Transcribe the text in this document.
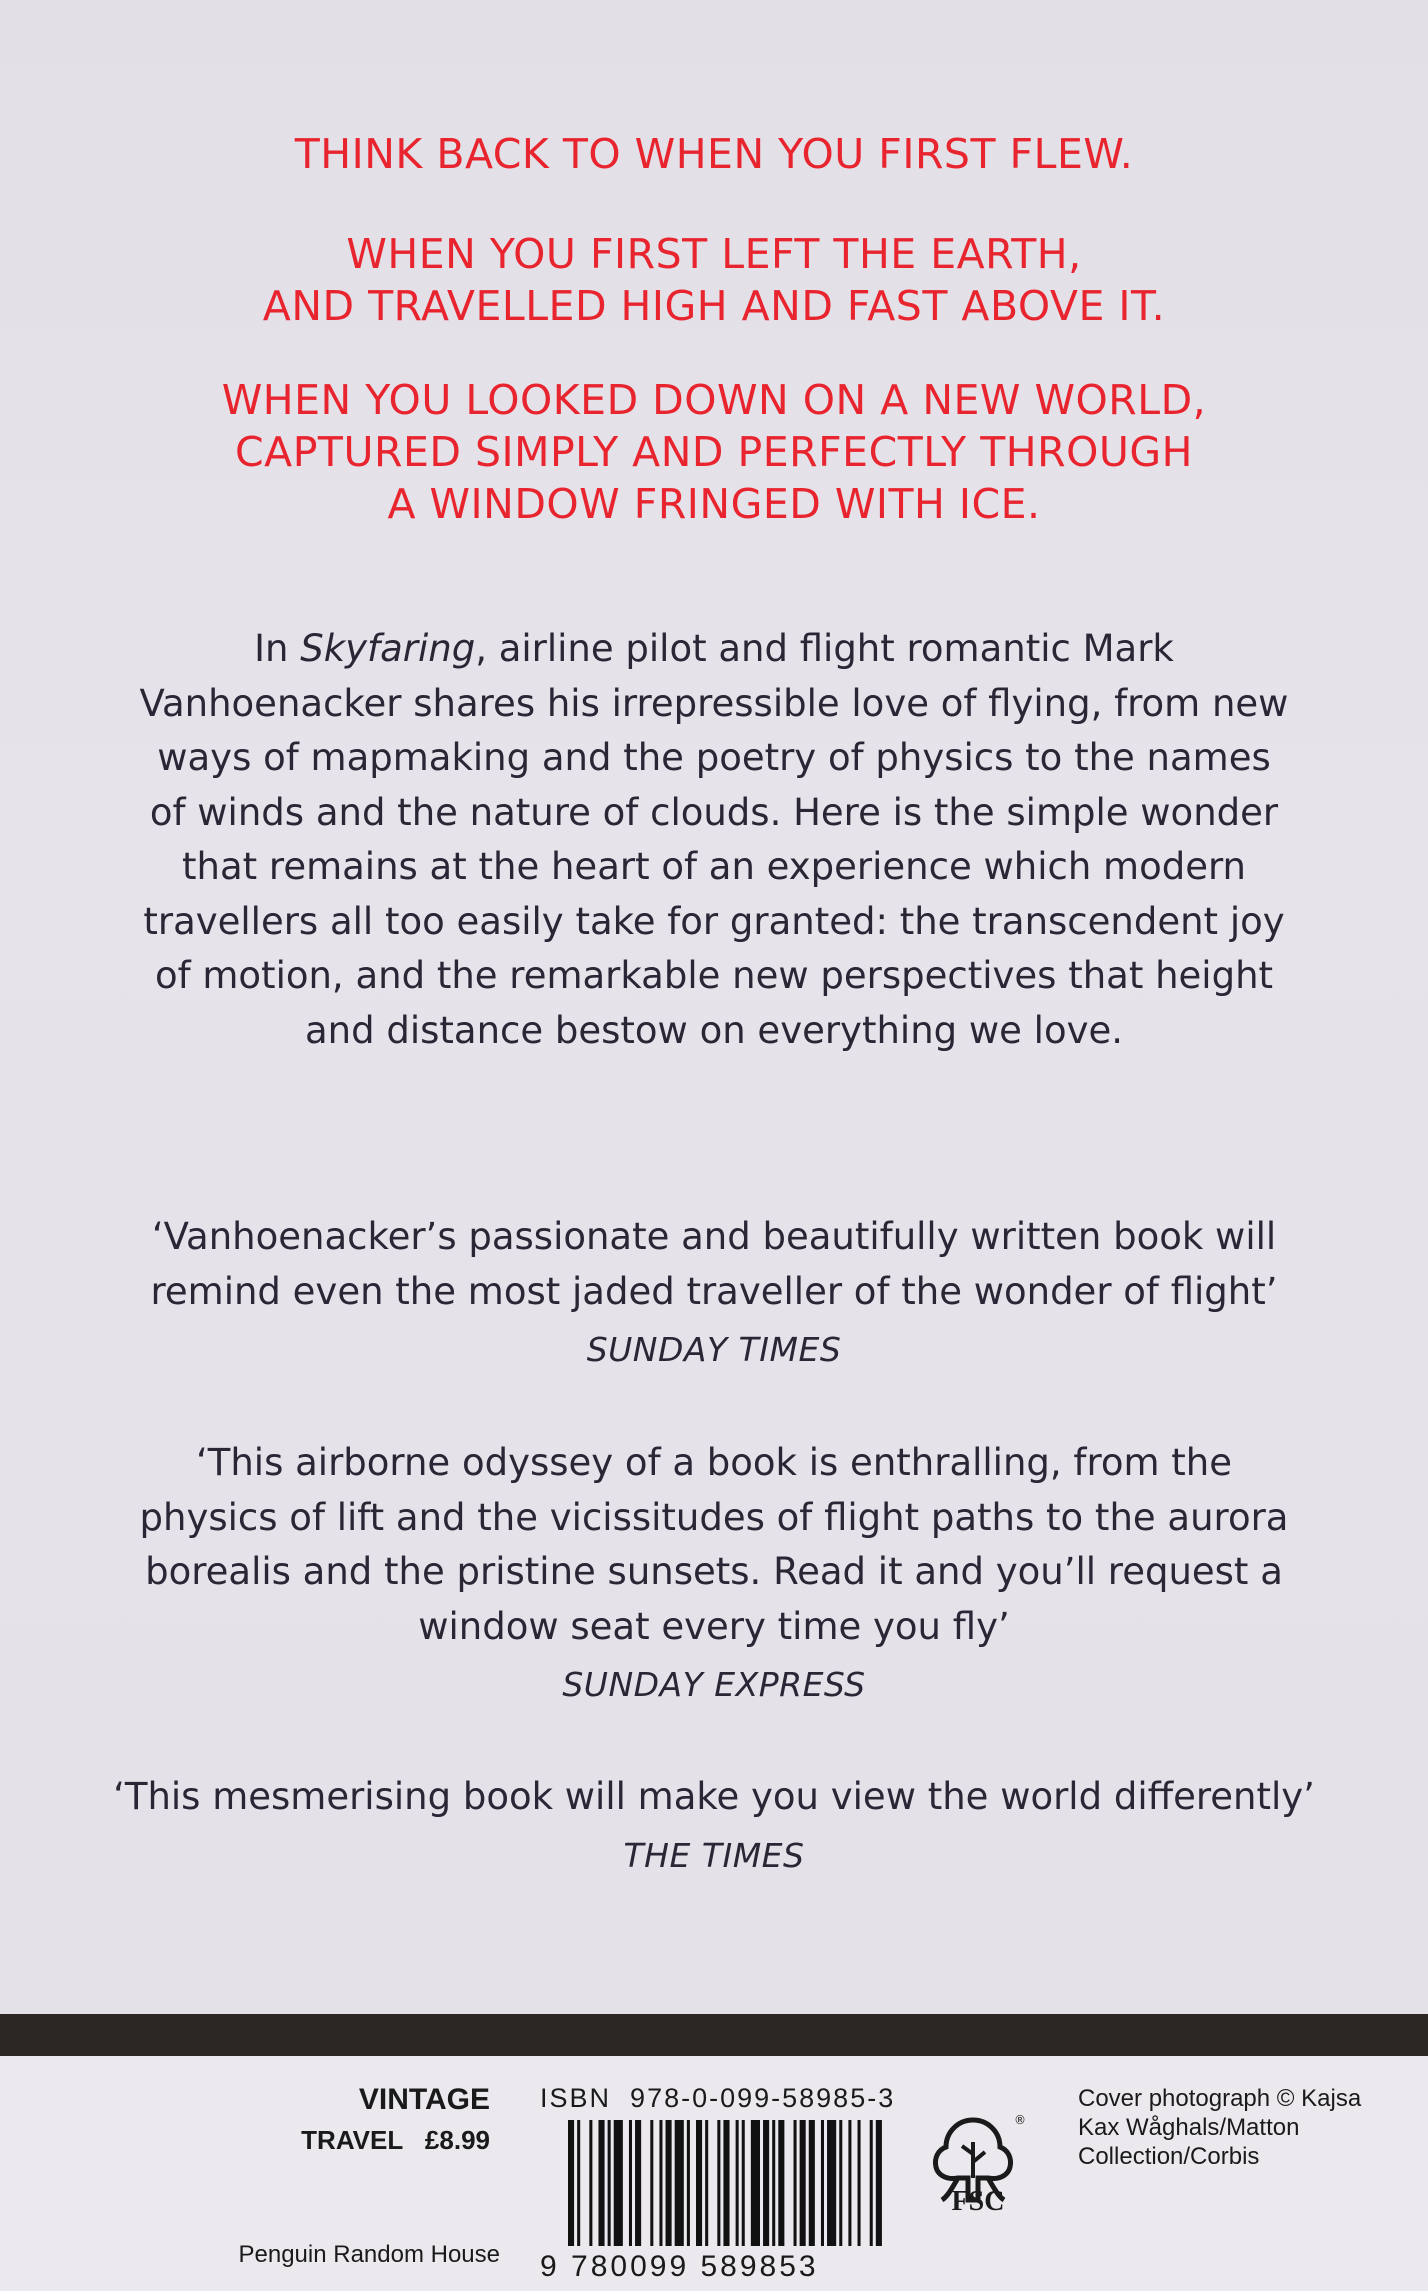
THINK BACK TO WHEN YOU FIRST FLEW.
WHEN YOU FIRST LEFT THE EARTH,
AND TRAVELLED HIGH AND FAST ABOVE IT.
WHEN YOU LOOKED DOWN ON A NEW WORLD,
CAPTURED SIMPLY AND PERFECTLY THROUGH
A WINDOW FRINGED WITH ICE.
In Skyfaring, airline pilot and flight romantic Mark
Vanhoenacker shares his irrepressible love of flying, from new
ways of mapmaking and the poetry of physics to the names
of winds and the nature of clouds. Here is the simple wonder
that remains at the heart of an experience which modern
travellers all too easily take for granted: the transcendent joy
of motion, and the remarkable new perspectives that height
and distance bestow on everything we love.
‘Vanhoenacker’s passionate and beautifully written book will
remind even the most jaded traveller of the wonder of flight’
SUNDAY TIMES
‘This airborne odyssey of a book is enthralling, from the
physics of lift and the vicissitudes of flight paths to the aurora
borealis and the pristine sunsets. Read it and you’ll request a
window seat every time you fly’
SUNDAY EXPRESS
‘This mesmerising book will make you view the world differently’
THE TIMES
VINTAGE
TRAVEL £8.99
Penguin Random House
ISBN 978-0-099-58985-3
9 780099 589853
®
FSC
Cover photograph © Kajsa
Kax Wåghals/Matton
Collection/Corbis
